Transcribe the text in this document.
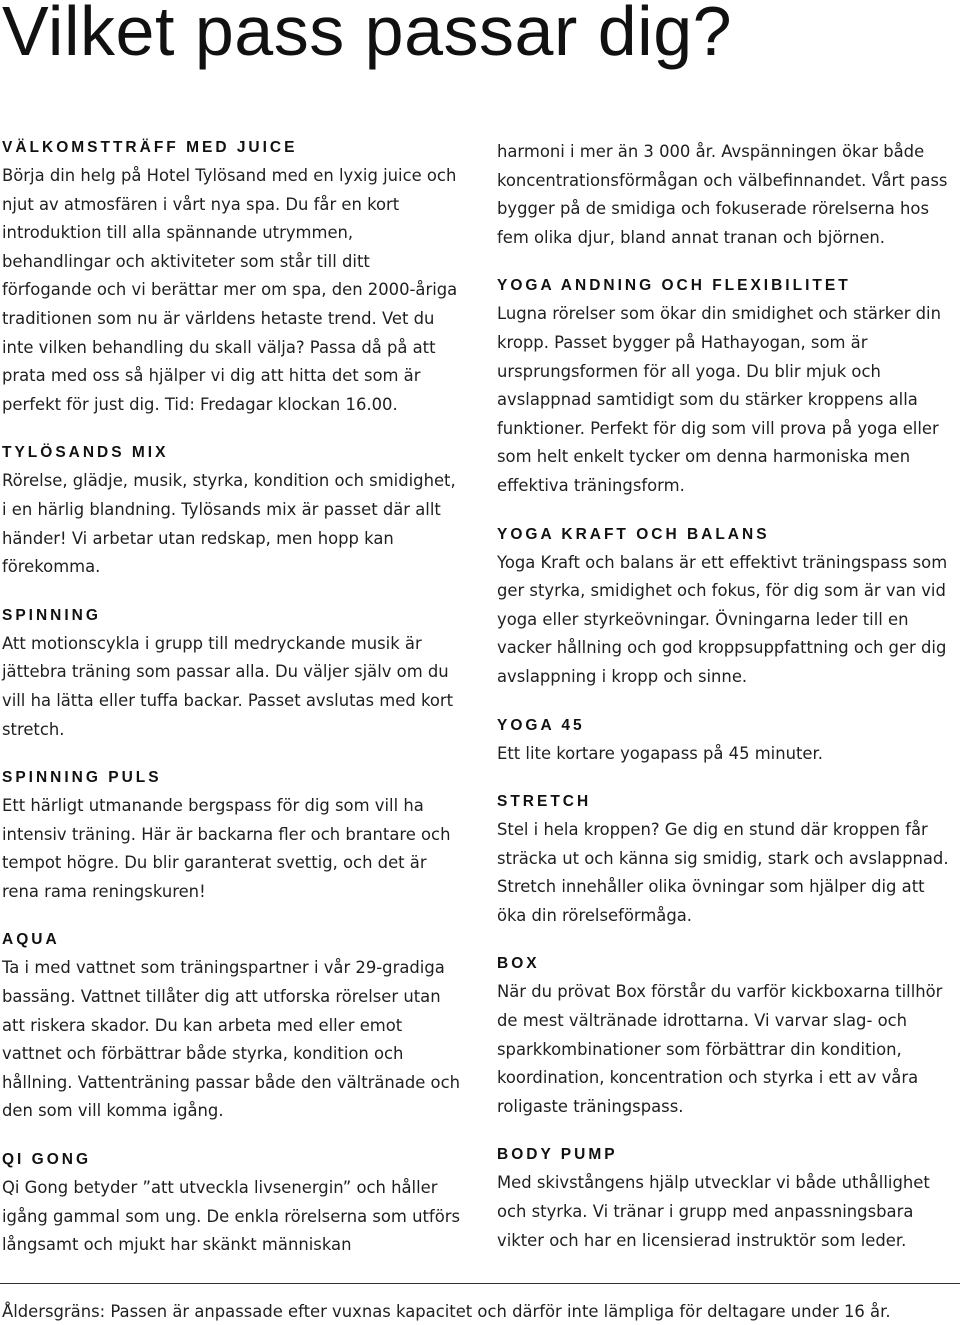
Vilket pass passar dig?
VÄLKOMSTTRÄFF MED JUICE
Börja din helg på Hotel Tylösand med en lyxig juice och njut av atmosfären i vårt nya spa. Du får en kort introduktion till alla spännande utrymmen, behandlingar och aktiviteter som står till ditt förfogande och vi berättar mer om spa, den 2000-åriga traditionen som nu är världens hetaste trend. Vet du inte vilken behandling du skall välja? Passa då på att prata med oss så hjälper vi dig att hitta det som är perfekt för just dig. Tid: Fredagar klockan 16.00.
TYLÖSANDS MIX
Rörelse, glädje, musik, styrka, kondition och smidighet, i en härlig blandning. Tylösands mix är passet där allt händer! Vi arbetar utan redskap, men hopp kan förekomma.
SPINNING
Att motionscykla i grupp till medryckande musik är jättebra träning som passar alla. Du väljer själv om du vill ha lätta eller tuffa backar. Passet avslutas med kort stretch.
SPINNING PULS
Ett härligt utmanande bergspass för dig som vill ha intensiv träning. Här är backarna fler och brantare och tempot högre. Du blir garanterat svettig, och det är rena rama reningskuren!
AQUA
Ta i med vattnet som träningspartner i vår 29-gradiga bassäng. Vattnet tillåter dig att utforska rörelser utan att riskera skador. Du kan arbeta med eller emot vattnet och förbättrar både styrka, kondition och hållning. Vattenträning passar både den vältränade och den som vill komma igång.
QI GONG
Qi Gong betyder ”att utveckla livsenergin” och håller igång gammal som ung. De enkla rörelserna som utförs långsamt och mjukt har skänkt människan
harmoni i mer än 3 000 år. Avspänningen ökar både koncentrationsförmågan och välbefinnandet. Vårt pass bygger på de smidiga och fokuserade rörelserna hos fem olika djur, bland annat tranan och björnen.
YOGA ANDNING OCH FLEXIBILITET
Lugna rörelser som ökar din smidighet och stärker din kropp. Passet bygger på Hathayogan, som är ursprungsformen för all yoga. Du blir mjuk och avslappnad samtidigt som du stärker kroppens alla funktioner. Perfekt för dig som vill prova på yoga eller som helt enkelt tycker om denna harmoniska men effektiva träningsform.
YOGA KRAFT OCH BALANS
Yoga Kraft och balans är ett effektivt träningspass som ger styrka, smidighet och fokus, för dig som är van vid yoga eller styrkeövningar. Övningarna leder till en vacker hållning och god kroppsuppfattning och ger dig avslappning i kropp och sinne.
YOGA 45
Ett lite kortare yogapass på 45 minuter.
STRETCH
Stel i hela kroppen? Ge dig en stund där kroppen får sträcka ut och känna sig smidig, stark och avslappnad. Stretch innehåller olika övningar som hjälper dig att öka din rörelseförmåga.
BOX
När du prövat Box förstår du varför kickboxarna tillhör de mest vältränade idrottarna. Vi varvar slag- och sparkkombinationer som förbättrar din kondition, koordination, koncentration och styrka i ett av våra roligaste träningspass.
BODY PUMP
Med skivstångens hjälp utvecklar vi både uthållighet och styrka. Vi tränar i grupp med anpassningsbara vikter och har en licensierad instruktör som leder.
Åldersgräns: Passen är anpassade efter vuxnas kapacitet och därför inte lämpliga för deltagare under 16 år.
